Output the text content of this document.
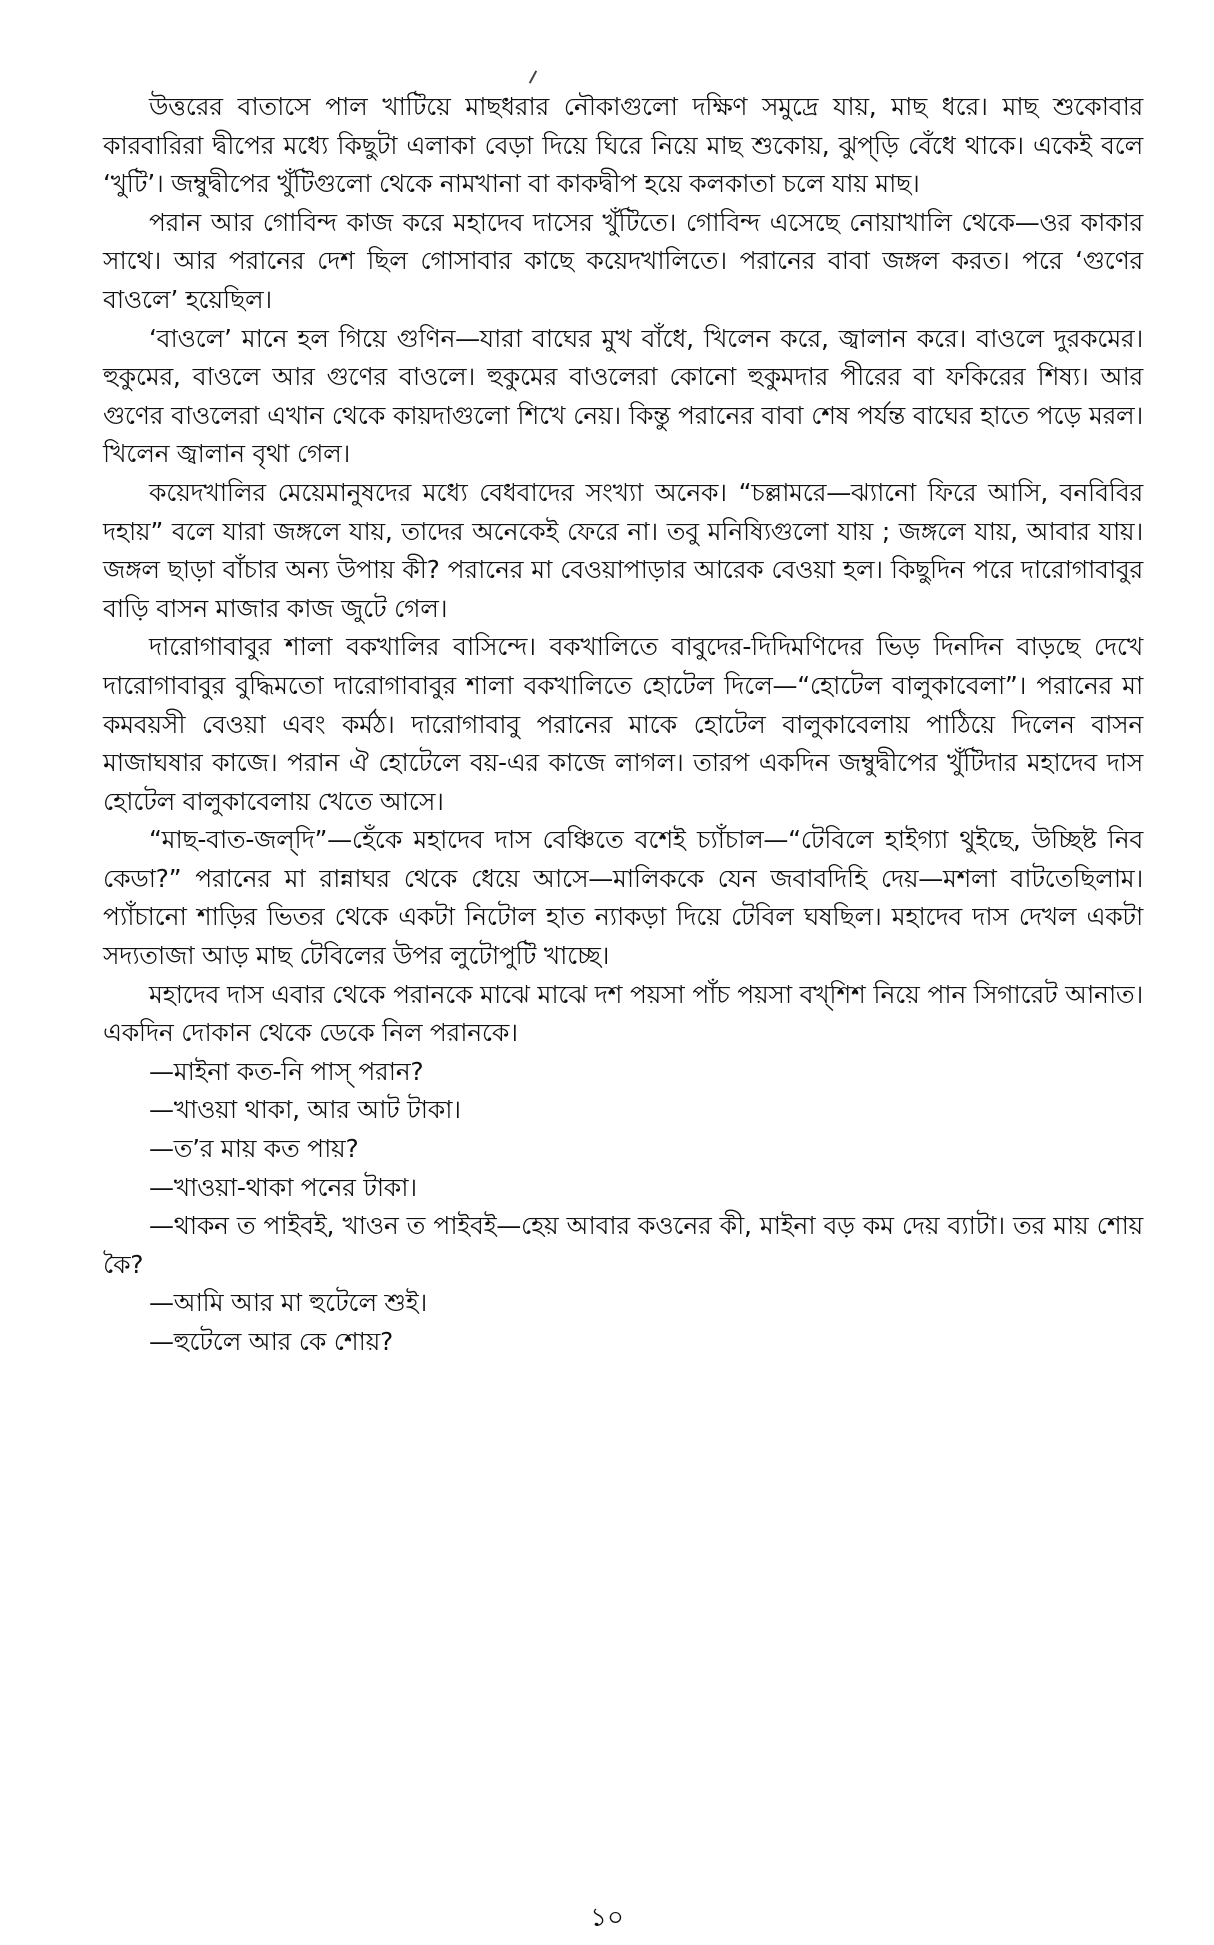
উত্তরের বাতাসে পাল খাটিয়ে মাছধরার নৌকাগুলো দক্ষিণ সমুদ্রে যায়, মাছ ধরে। মাছ শুকোবার কারবারিরা দ্বীপের মধ্যে কিছুটা এলাকা বেড়া দিয়ে ঘিরে নিয়ে মাছ শুকোয়, ঝুপ্‌ড়ি বেঁধে থাকে। একেই বলে ‘খুটি’। জম্বুদ্বীপের খুঁটিগুলো থেকে নামখানা বা কাকদ্বীপ হয়ে কলকাতা চলে যায় মাছ।

পরান আর গোবিন্দ কাজ করে মহাদেব দাসের খুঁটিতে। গোবিন্দ এসেছে নোয়াখালি থেকে—ওর কাকার সাথে। আর পরানের দেশ ছিল গোসাবার কাছে কয়েদখালিতে। পরানের বাবা জঙ্গল করত। পরে ‘গুণের বাওলে’ হয়েছিল।

‘বাওলে’ মানে হল গিয়ে গুণিন—যারা বাঘের মুখ বাঁধে, খিলেন করে, জ্বালান করে। বাওলে দুরকমের। হুকুমের, বাওলে আর গুণের বাওলে। হুকুমের বাওলেরা কোনো হুকুমদার পীরের বা ফকিরের শিষ্য। আর গুণের বাওলেরা এখান থেকে কায়দাগুলো শিখে নেয়। কিন্তু পরানের বাবা শেষ পর্যন্ত বাঘের হাতে পড়ে মরল। খিলেন জ্বালান বৃথা গেল।

কয়েদখালির মেয়েমানুষদের মধ্যে বেধবাদের সংখ্যা অনেক। “চল্লামরে—ঝ্যানো ফিরে আসি, বনবিবির দহায়” বলে যারা জঙ্গলে যায়, তাদের অনেকেই ফেরে না। তবু মনিষ্যিগুলো যায় ; জঙ্গলে যায়, আবার যায়। জঙ্গল ছাড়া বাঁচার অন্য উপায় কী? পরানের মা বেওয়াপাড়ার আরেক বেওয়া হল। কিছুদিন পরে দারোগাবাবুর বাড়ি বাসন মাজার কাজ জুটে গেল।

দারোগাবাবুর শালা বকখালির বাসিন্দে। বকখালিতে বাবুদের-দিদিমণিদের ভিড় দিনদিন বাড়ছে দেখে দারোগাবাবুর বুদ্ধিমতো দারোগাবাবুর শালা বকখালিতে হোটেল দিলে—“হোটেল বালুকাবেলা”। পরানের মা কমবয়সী বেওয়া এবং কর্মঠ। দারোগাবাবু পরানের মাকে হোটেল বালুকাবেলায় পাঠিয়ে দিলেন বাসন মাজাঘষার কাজে। পরান ঐ হোটেলে বয়-এর কাজে লাগল। তারপ একদিন জম্বুদ্বীপের খুঁটিদার মহাদেব দাস হোটেল বালুকাবেলায় খেতে আসে।

“মাছ-বাত-জল্‌দি”—হেঁকে মহাদেব দাস বেঞ্চিতে বশেই চ্যাঁচাল—“টেবিলে হাইগ্যা থুইছে, উচ্ছিষ্ট নিব কেডা?” পরানের মা রান্নাঘর থেকে ধেয়ে আসে—মালিককে যেন জবাবদিহি দেয়—মশলা বাটতেছিলাম। প্যাঁচানো শাড়ির ভিতর থেকে একটা নিটোল হাত ন্যাকড়া দিয়ে টেবিল ঘষছিল। মহাদেব দাস দেখল একটা সদ্যতাজা আড় মাছ টেবিলের উপর লুটোপুটি খাচ্ছে।

মহাদেব দাস এবার থেকে পরানকে মাঝে মাঝে দশ পয়সা পাঁচ পয়সা বখ্‌শিশ নিয়ে পান সিগারেট আনাত। একদিন দোকান থেকে ডেকে নিল পরানকে।

—মাইনা কত-নি পাস্‌ পরান?

—খাওয়া থাকা, আর আট টাকা।

—ত’র মায় কত পায়?

—খাওয়া-থাকা পনের টাকা।

—থাকন ত পাইবই, খাওন ত পাইবই—হেয় আবার কওনের কী, মাইনা বড় কম দেয় ব্যাটা। তর মায় শোয় কৈ?

—আমি আর মা হুটেলে শুই।

—হুটেলে আর কে শোয়?

১০
